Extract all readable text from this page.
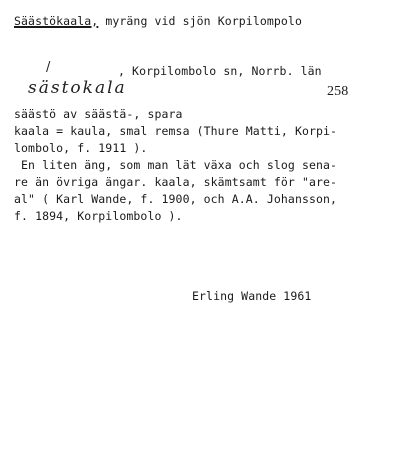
Säästökaala, myräng vid sjön Korpilompolo
/	, Korpilombolo sn, Norrb. län
sästokala	258
säästö av säästä-, spara
kaala = kaula, smal remsa (Thure Matti, Korpi-
lombolo, f. 1911 ).
En liten äng, som man lät växa och slog sena-
re än övriga ängar. kaala, skämtsamt för "are-
al" ( Karl Wande, f. 1900, och A.A. Johansson,
f. 1894, Korpilombolo ).
Erling Wande 1961
